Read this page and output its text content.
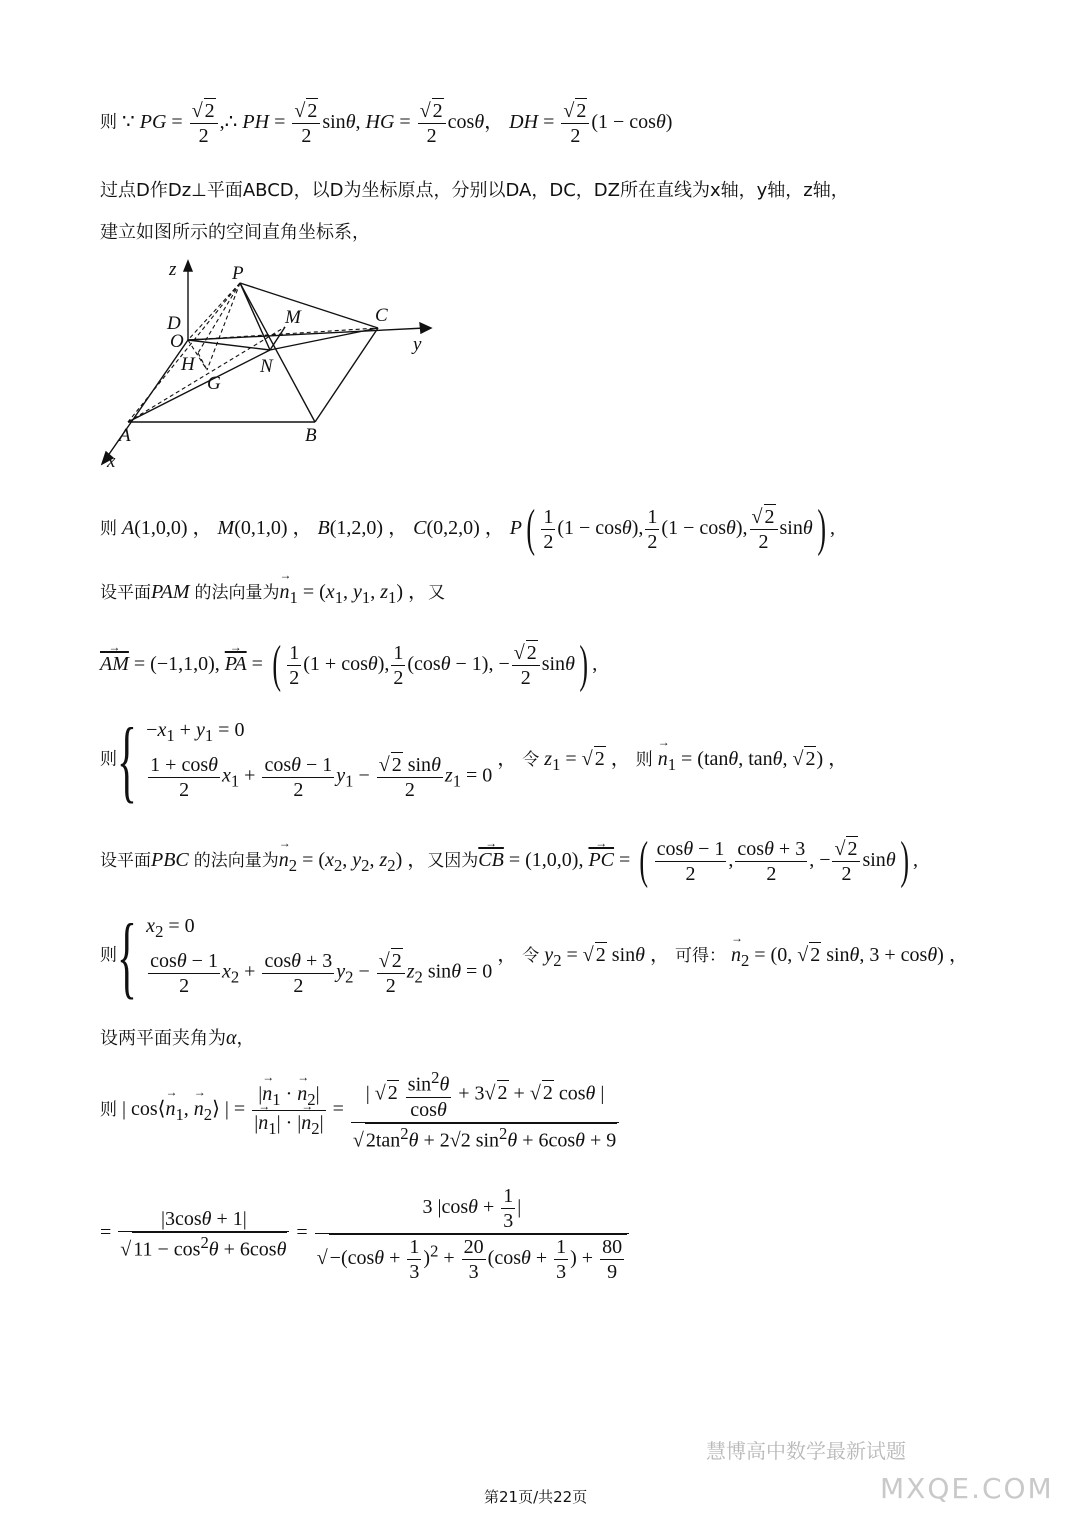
则 ∵ PG = $\frac{√ 2}{2}$ ,∴ PH = $\frac{√ 2}{2} \sin\theta$, HG = $\frac{√ 2}{2}$ cosθ， DH = $\frac{√ 2}{2} (1 - \cos\theta)$
过点D作Dz⊥平面ABCD，以D为坐标原点，分别以DA，DC，DZ所在直线为x轴，y轴，z轴，
建立如图所示的空间直角坐标系，
z
y
x
P
D
O
H
G
N
M	C
A	B
则 A(1,0,0) ， M(0,1,0) ， B(1,2,0) ， C(0,2,0) ， $P( \frac{1}{2} (1 - \cos\theta)$, $\frac{1}{2} (1 - \cos\theta)$, $\frac{√ 2}{2} \sin\theta$) ,
设平面PAM 的法向量为→ $n_1 = (x_1$, $y_1$, $z_1$) ，又
→ $\overline{AM} = (-1,1,0)$, → $\overline{PA}$ = ( $\frac{1}{2} (1 + \cos\theta)$, $\frac{1}{2} (\cos\theta - 1)$, − $\frac{√ 2}{2} \sin\theta$) ,
则{ $-x_1 + y_1 = 0$
$\frac{1 + \cos\theta}{2} x_1 + \frac{\cos\theta - 1}{2} y_1 - \frac{√ 2 \sin\theta}{2} z_1 = 0$
， 令 $z_1$ = √ 2 ， 则 → $n_1 = (\tan\theta$, tanθ, √ 2) ，
设平面PBC 的法向量为→ $n_2 = (x_2$, $y_2$, $z_2$) ，又因为→ $\overline{CB} = (1,0,0)$, → $\overline{PC}$ = ( $\frac{\cos\theta - 1}{2}$ , $\frac{\cos\theta + 3}{2}$ , − $\frac{√ 2}{2} \sin\theta$) ,
则{ $x_2 = 0$
$\frac{\cos\theta - 1}{2} x_2 + \frac{\cos\theta + 3}{2} y_2 - \frac{√ 2}{2} z_2$ sinθ = 0
， 令 $y_2$ = √ 2 sinθ ， 可得： → $n_2 = (0$, √ 2 sinθ, 3 + cosθ) ，
设两平面夹角为α，
则 | cos⟨→ $n_1$, → $n_2⟩$ | = $\frac{|\to n_1 \cdot \to n_2|}{|\to n_1| \cdot |\to n_2|} = \frac{| √ 2 \frac{\sin^2\theta}{\cos\theta} + 3√ 2 + √ 2 \cos\theta |}{√ 2\tan^2\theta + 2√2 \sin^2\theta + 6\cos\theta + 9}$
= $\frac{|3\cos\theta + 1|}{√ 11 - \cos^2\theta + 6\cos\theta} = \frac{3 |\cos\theta + \frac{1}{3} |}{√ -(\cos\theta + \frac{1}{3} )^2 + \frac{20}{3} (\cos\theta + \frac{1}{3} ) + \frac{80}{9}}$
慧博高中数学最新试题
MXQE.COM
第21页/共22页
